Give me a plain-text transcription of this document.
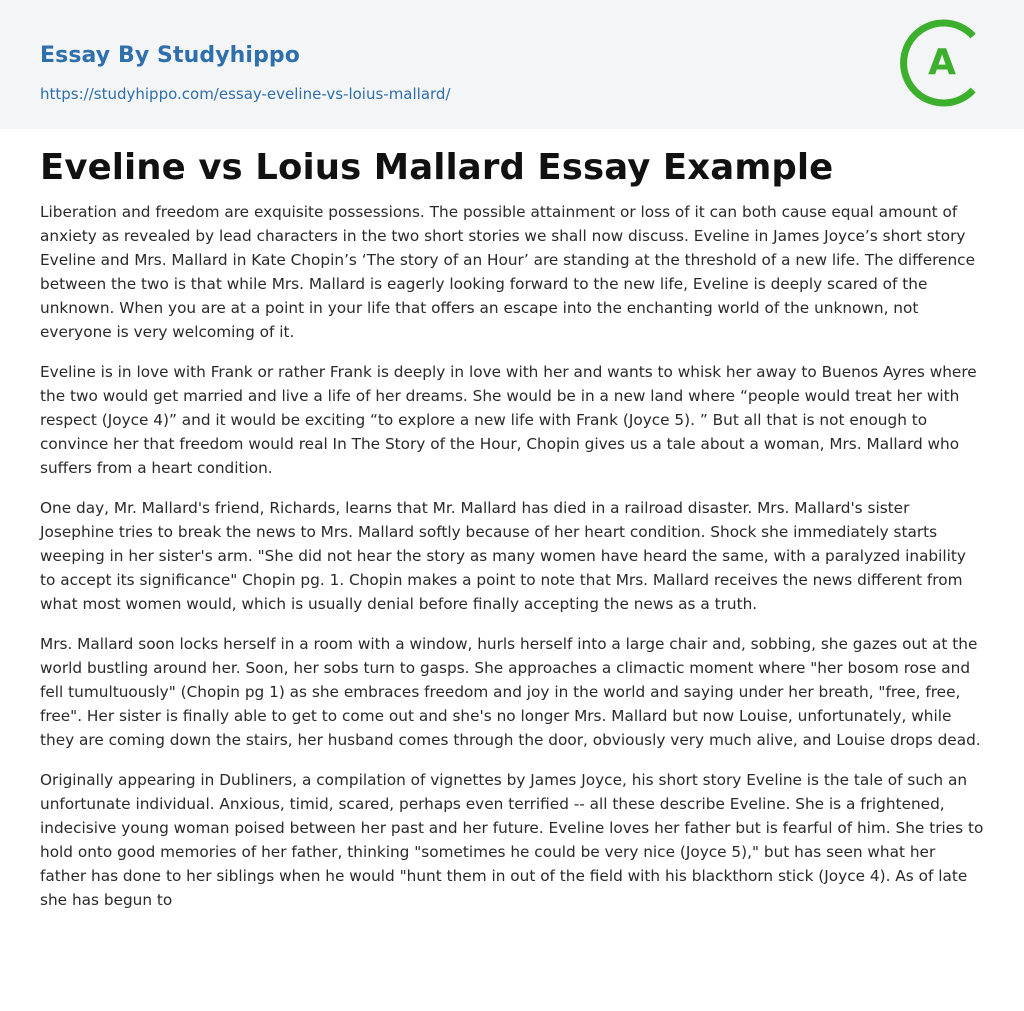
Essay By Studyhippo
https://studyhippo.com/essay-eveline-vs-loius-mallard/
A
Eveline vs Loius Mallard Essay Example

Liberation and freedom are exquisite possessions. The possible attainment or loss of it can both cause equal amount of anxiety as revealed by lead characters in the two short stories we shall now discuss. Eveline in James Joyce’s short story Eveline and Mrs. Mallard in Kate Chopin’s ‘The story of an Hour’ are standing at the threshold of a new life. The difference between the two is that while Mrs. Mallard is eagerly looking forward to the new life, Eveline is deeply scared of the unknown. When you are at a point in your life that offers an escape into the enchanting world of the unknown, not everyone is very welcoming of it.

Eveline is in love with Frank or rather Frank is deeply in love with her and wants to whisk her away to Buenos Ayres where the two would get married and live a life of her dreams. She would be in a new land where “people would treat her with respect (Joyce 4)” and it would be exciting “to explore a new life with Frank (Joyce 5). ” But all that is not enough to convince her that freedom would real In The Story of the Hour, Chopin gives us a tale about a woman, Mrs. Mallard who suffers from a heart condition.

One day, Mr. Mallard's friend, Richards, learns that Mr. Mallard has died in a railroad disaster. Mrs. Mallard's sister Josephine tries to break the news to Mrs. Mallard softly because of her heart condition. Shock she immediately starts weeping in her sister's arm. "She did not hear the story as many women have heard the same, with a paralyzed inability to accept its significance" Chopin pg. 1. Chopin makes a point to note that Mrs. Mallard receives the news different from what most women would, which is usually denial before finally accepting the news as a truth.

Mrs. Mallard soon locks herself in a room with a window, hurls herself into a large chair and, sobbing, she gazes out at the world bustling around her. Soon, her sobs turn to gasps. She approaches a climactic moment where "her bosom rose and fell tumultuously" (Chopin pg 1) as she embraces freedom and joy in the world and saying under her breath, "free, free, free". Her sister is finally able to get to come out and she's no longer Mrs. Mallard but now Louise, unfortunately, while they are coming down the stairs, her husband comes through the door, obviously very much alive, and Louise drops dead.

Originally appearing in Dubliners, a compilation of vignettes by James Joyce, his short story Eveline is the tale of such an unfortunate individual. Anxious, timid, scared, perhaps even terrified -- all these describe Eveline. She is a frightened, indecisive young woman poised between her past and her future. Eveline loves her father but is fearful of him. She tries to hold onto good memories of her father, thinking "sometimes he could be very nice (Joyce 5)," but has seen what her father has done to her siblings when he would "hunt them in out of the field with his blackthorn stick (Joyce 4). As of late she has begun to
